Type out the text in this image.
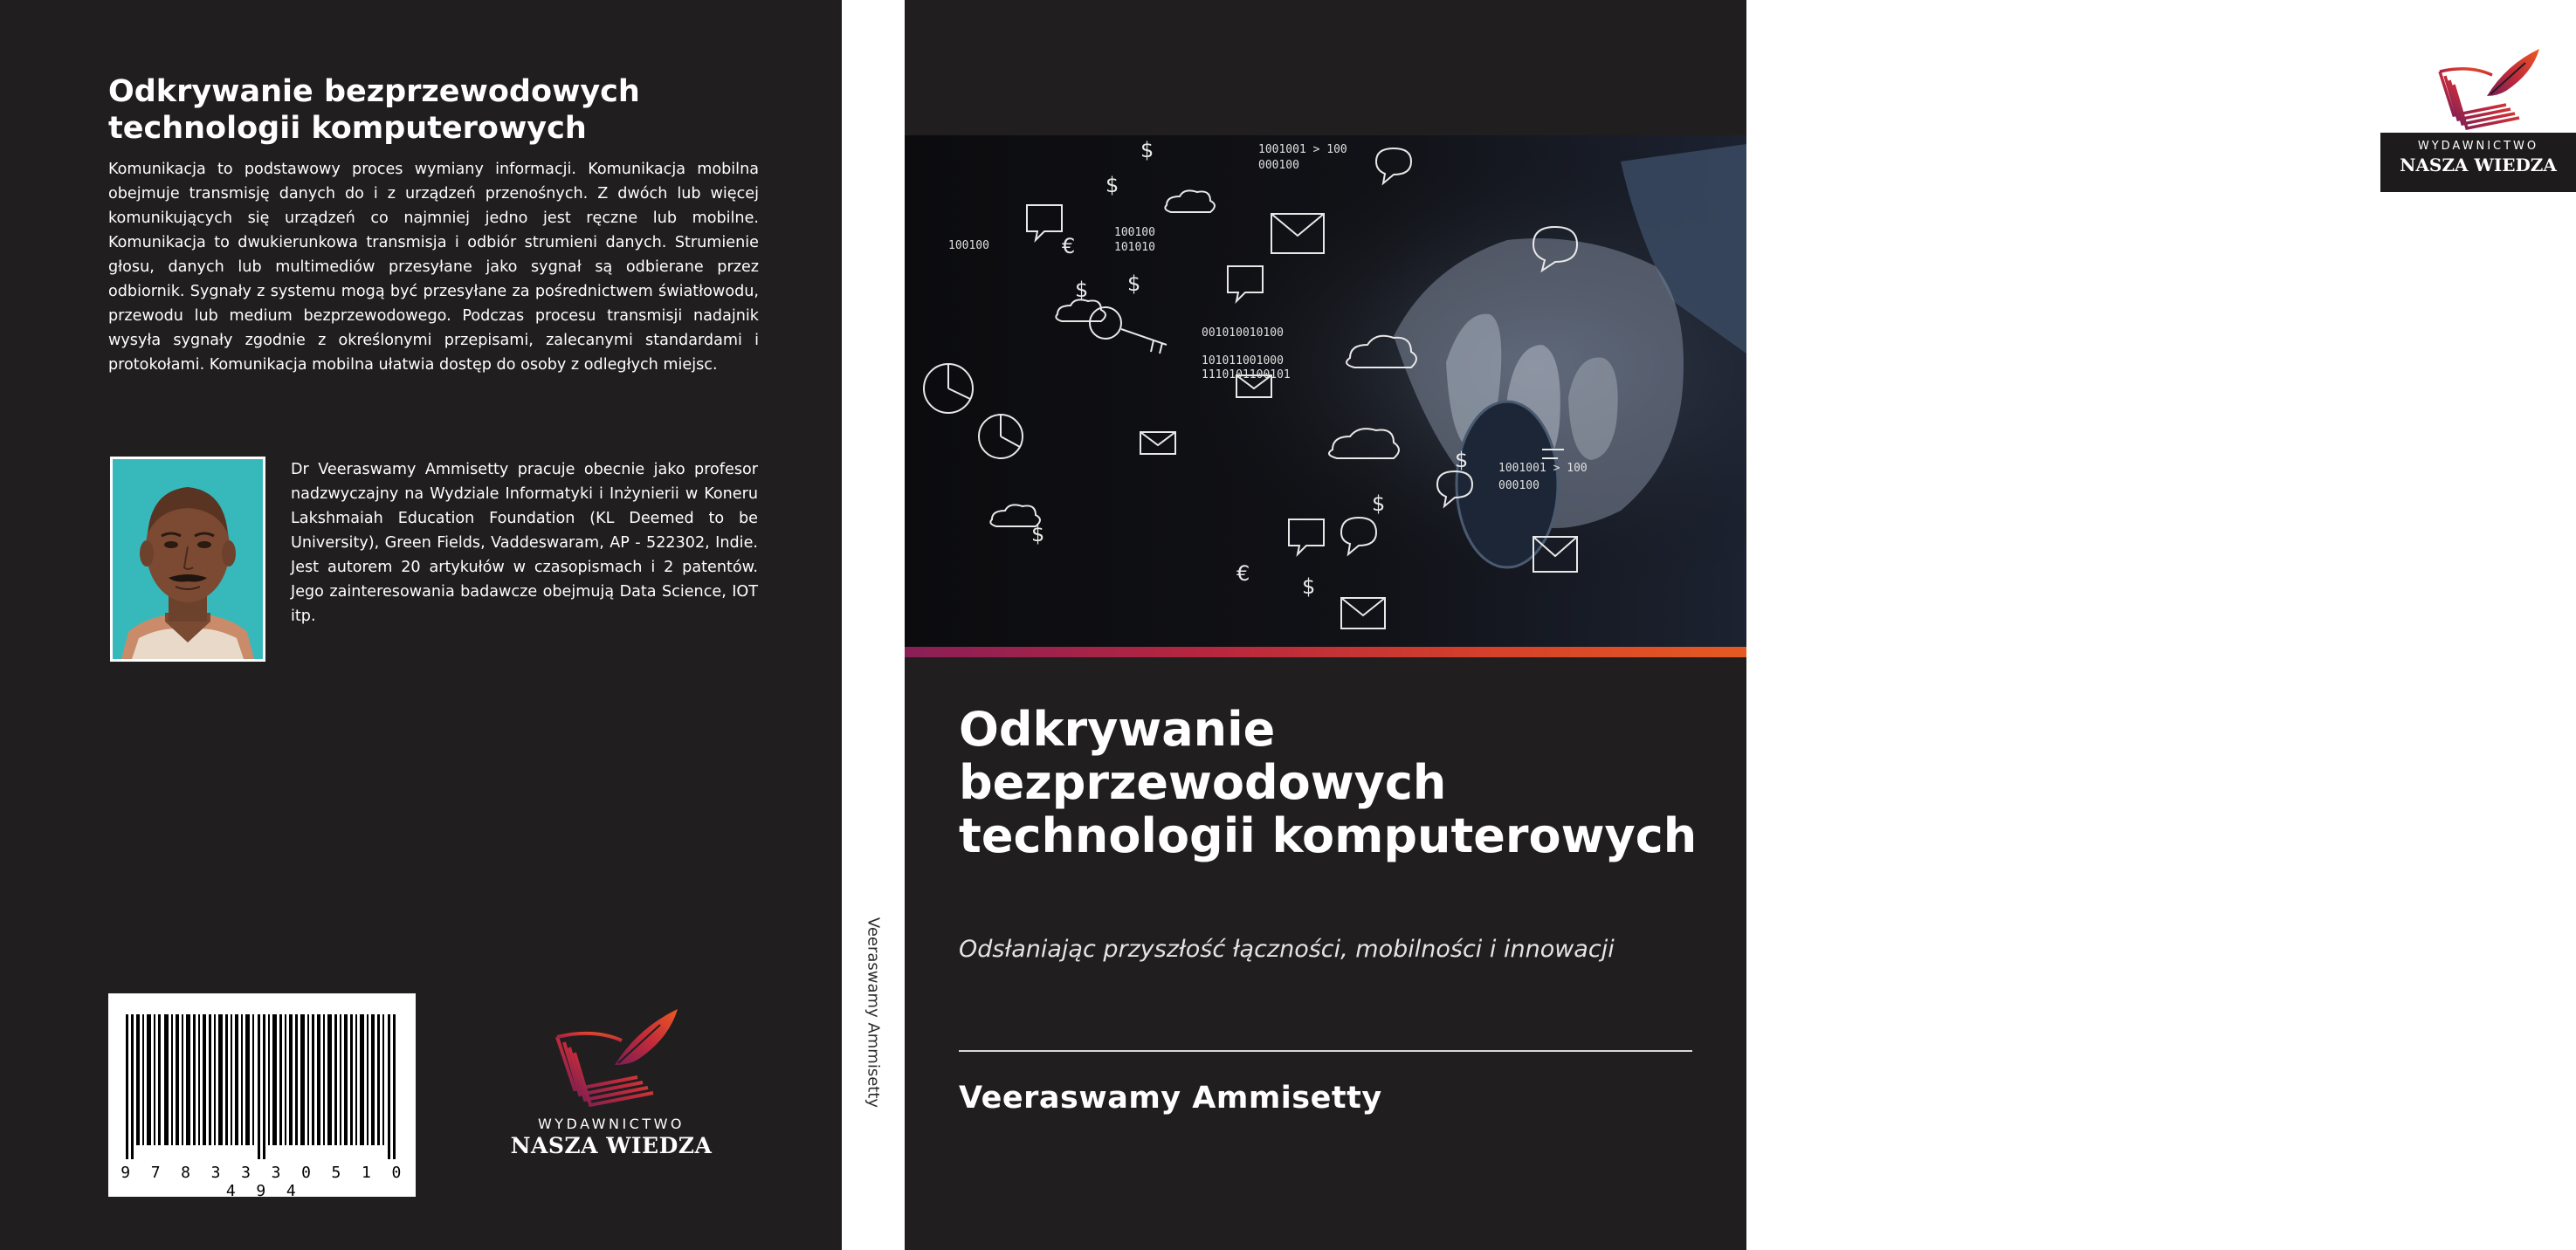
Odkrywanie bezprzewodowych technologii komputerowych

Komunikacja to podstawowy proces wymiany informacji. Komunikacja mobilna obejmuje transmisję danych do i z urządzeń przenośnych. Z dwóch lub więcej komunikujących się urządzeń co najmniej jedno jest ręczne lub mobilne. Komunikacja to dwukierunkowa transmisja i odbiór strumieni danych. Strumienie głosu, danych lub multimediów przesyłane jako sygnał są odbierane przez odbiornik. Sygnały z systemu mogą być przesyłane za pośrednictwem światłowodu, przewodu lub medium bezprzewodowego. Podczas procesu transmisji nadajnik wysyła sygnały zgodnie z określonymi przepisami, zalecanymi standardami i protokołami. Komunikacja mobilna ułatwia dostęp do osoby z odległych miejsc.

Dr Veeraswamy Ammisetty pracuje obecnie jako profesor nadzwyczajny na Wydziale Informatyki i Inżynierii w Koneru Lakshmaiah Education Foundation (KL Deemed to be University), Green Fields, Vaddeswaram, AP - 522302, Indie. Jest autorem 20 artykułów w czasopismach i 2 patentów. Jego zainteresowania badawcze obejmują Data Science, IOT itp.

9 7 8 3 3 3 0 5 1 0 4 9 4
WYDAWNICTWO
NASZA WIEDZA
Veeraswamy Ammisetty
$
€
$
$
$
$
$
€
$
$
1001001 > 100
000100
100100
101010
100100
001010010100
101011001000
1110101100101
1001001 > 100
000100
WYDAWNICTWO
NASZA WIEDZA
Odkrywanie bezprzewodowych technologii komputerowych

Odsłaniając przyszłość łączności, mobilności i innowacji

Veeraswamy Ammisetty
